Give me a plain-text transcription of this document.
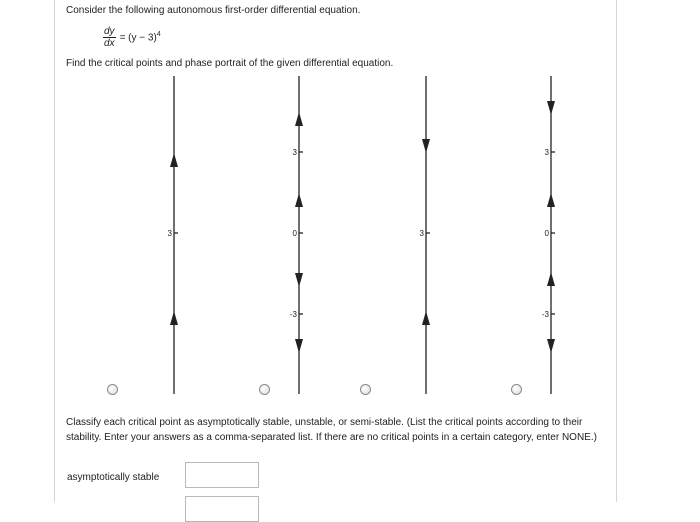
Consider the following autonomous first-order differential equation.
$\frac{dy}{dx} = (y - 3)^4$
Find the critical points and phase portrait of the given differential equation.
3
3
0
-3
3
3
0
-3
Classify each critical point as asymptotically stable, unstable, or semi-stable. (List the critical points according to their stability. Enter your answers as a comma-separated list. If there are no critical points in a certain category, enter NONE.)
asymptotically stable
